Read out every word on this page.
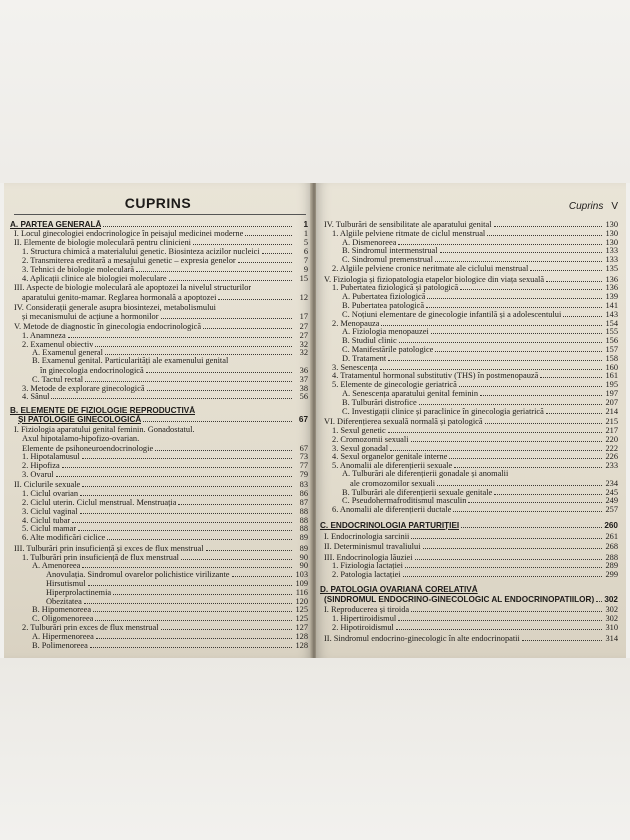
CUPRINS
A. PARTEA GENERALĂ	1
I. Locul ginecologiei endocrinologice în peisajul medicinei moderne	1
II. Elemente de biologie moleculară pentru clinicieni	5
1. Structura chimică a materialului genetic. Biosinteza acizilor nucleici	6
2. Transmiterea ereditară a mesajului genetic – expresia genelor	7
3. Tehnici de biologie moleculară	9
4. Aplicații clinice ale biologiei moleculare	15
III. Aspecte de biologie moleculară ale apoptozei la nivelul structurilor
aparatului genito-mamar. Reglarea hormonală a apoptozei	12
IV. Considerații generale asupra biosintezei, metabolismului
și mecanismului de acțiune a hormonilor	17
V. Metode de diagnostic în ginecologia endocrinologică	27
1. Anamneza	27
2. Examenul obiectiv	32
A. Examenul general	32
B. Examenul genital. Particularități ale examenului genital
în ginecologia endocrinologică	36
C. Tactul rectal	37
3. Metode de explorare ginecologică	38
4. Sânul	56
B. ELEMENTE DE FIZIOLOGIE REPRODUCTIVĂ
ȘI PATOLOGIE GINECOLOGICĂ	67
I. Fiziologia aparatului genital feminin. Gonadostatul.
Axul hipotalamo-hipofizo-ovarian.
Elemente de psihoneuroendocrinologie	67
1. Hipotalamusul	73
2. Hipofiza	77
3. Ovarul	79
II. Ciclurile sexuale	83
1. Ciclul ovarian	86
2. Ciclul uterin. Ciclul menstrual. Menstruația	87
3. Ciclul vaginal	88
4. Ciclul tubar	88
5. Ciclul mamar	88
6. Alte modificări ciclice	89
III. Tulburări prin insuficiență și exces de flux menstrual	89
1. Tulburări prin insuficiență de flux menstrual	90
A. Amenoreea	90
Anovulația. Sindromul ovarelor polichistice virilizante	103
Hirsutismul	109
Hiperprolactinemia	116
Obezitatea	120
B. Hipomenoreea	125
C. Oligomenoreea	125
2. Tulburări prin exces de flux menstrual	127
A. Hipermenoreea	128
B. Polimenoreea	128
Cuprins V
IV. Tulburări de sensibilitate ale aparatului genital	130
1. Algiile pelviene ritmate de ciclul menstrual	130
A. Dismenoreea	130
B. Sindromul intermenstrual	133
C. Sindromul premenstrual	133
2. Algiile pelviene cronice neritmate ale ciclului menstrual	135
V. Fiziologia și fiziopatologia etapelor biologice din viața sexuală	136
1. Pubertatea fiziologică și patologică	136
A. Pubertatea fiziologică	139
B. Pubertatea patologică	141
C. Noțiuni elementare de ginecologie infantilă și a adolescentului	143
2. Menopauza	154
A. Fiziologia menopauzei	155
B. Studiul clinic	156
C. Manifestările patologice	157
D. Tratament	158
3. Senescența	160
4. Tratamentul hormonal substitutiv (THS) în postmenopauză	161
5. Elemente de ginecologie geriatrică	195
A. Senescența aparatului genital feminin	197
B. Tulburări distrofice	207
C. Investigații clinice și paraclinice în ginecologia geriatrică	214
VI. Diferențierea sexuală normală și patologică	215
1. Sexul genetic	217
2. Cromozomii sexuali	220
3. Sexul gonadal	222
4. Sexul organelor genitale interne	226
5. Anomalii ale diferențierii sexuale	233
A. Tulburări ale diferențierii gonadale și anomalii
ale cromozomilor sexuali	234
B. Tulburări ale diferențierii sexuale genitale	245
C. Pseudohermafroditismul masculin	249
6. Anomalii ale diferențierii ductale	257
C. ENDOCRINOLOGIA PARTURIȚIEI	260
I. Endocrinologia sarcinii	261
II. Determinismul travaliului	268
III. Endocrinologia lăuziei	288
1. Fiziologia lactației	289
2. Patologia lactației	299
D. PATOLOGIA OVARIANĂ CORELATIVĂ
(SINDROMUL ENDOCRINO-GINECOLOGIC AL ENDOCRINOPATIILOR) 302
I. Reproducerea și tiroida	302
1. Hipertiroidismul	302
2. Hipotiroidismul	310
II. Sindromul endocrino-ginecologic în alte endocrinopatii	314
